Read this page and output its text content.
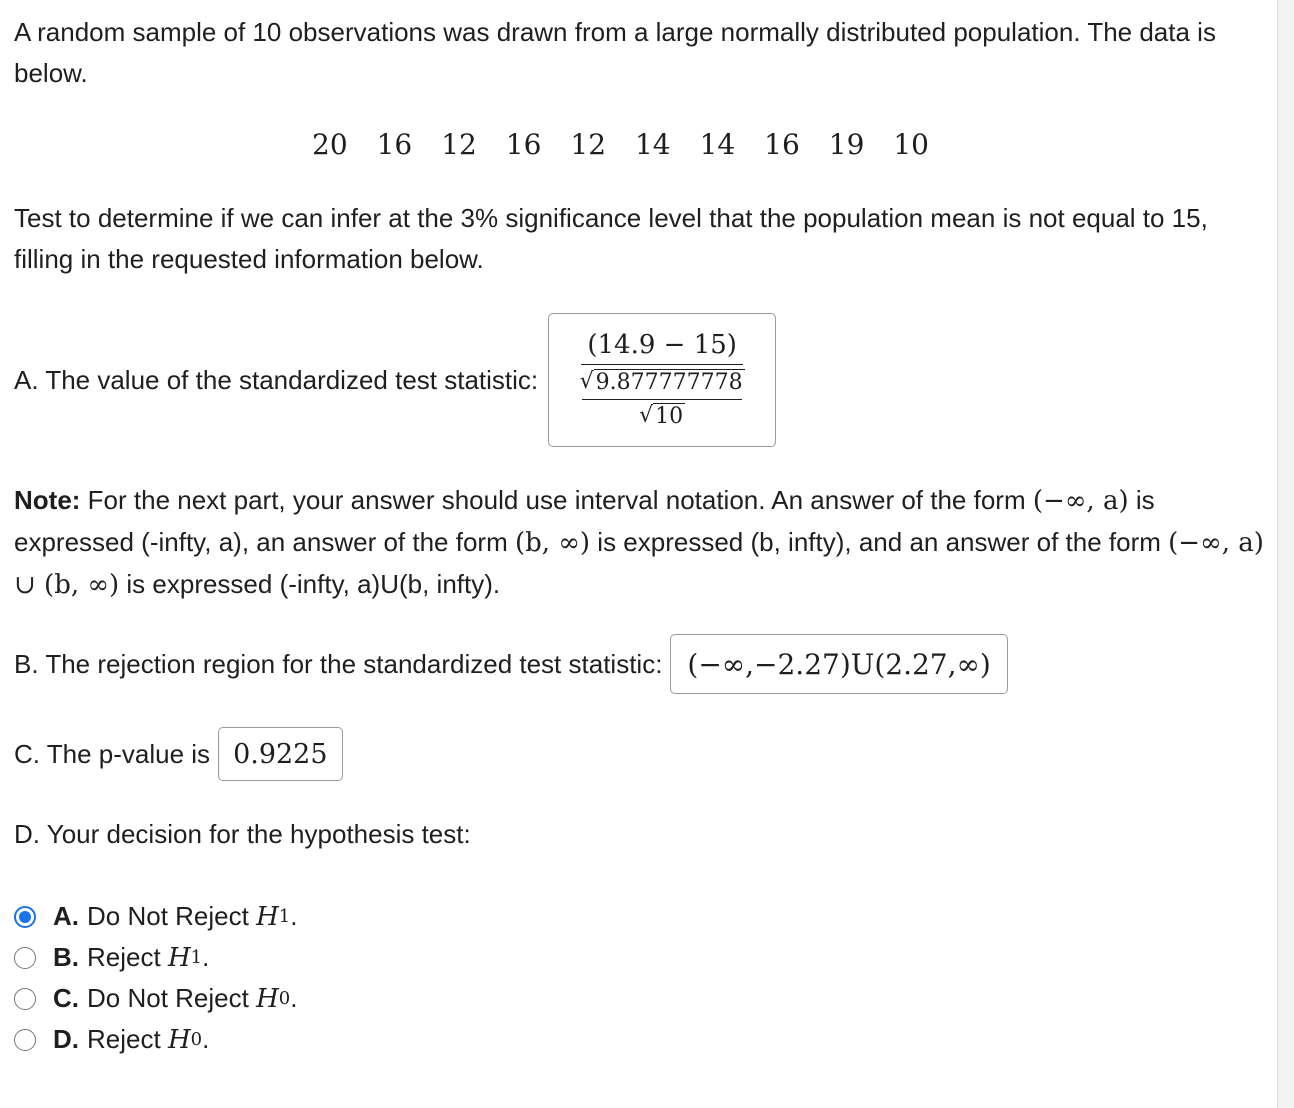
A random sample of 10 observations was drawn from a large normally distributed population. The data is below.

20	16	12	16	12	14	14	16	19	10

Test to determine if we can infer at the 3% significance level that the population mean is not equal to 15, filling in the requested information below.

A. The value of the standardized test statistic: (14.9 − 15)
√ 9.877777778
√ 10

Note: For the next part, your answer should use interval notation. An answer of the form (−∞, a) is expressed (-infty, a), an answer of the form (b, ∞) is expressed (b, infty), and an answer of the form (−∞, a) ∪ (b, ∞) is expressed (-infty, a)U(b, infty).

B. The rejection region for the standardized test statistic: (−∞,−2.27)U(2.27,∞)
C. The p-value is 0.9225

D. Your decision for the hypothesis test:

A. Do Not Reject
H 1 .
B. Reject
H 1 .
C. Do Not Reject
H 0 .
D. Reject
H 0 .
